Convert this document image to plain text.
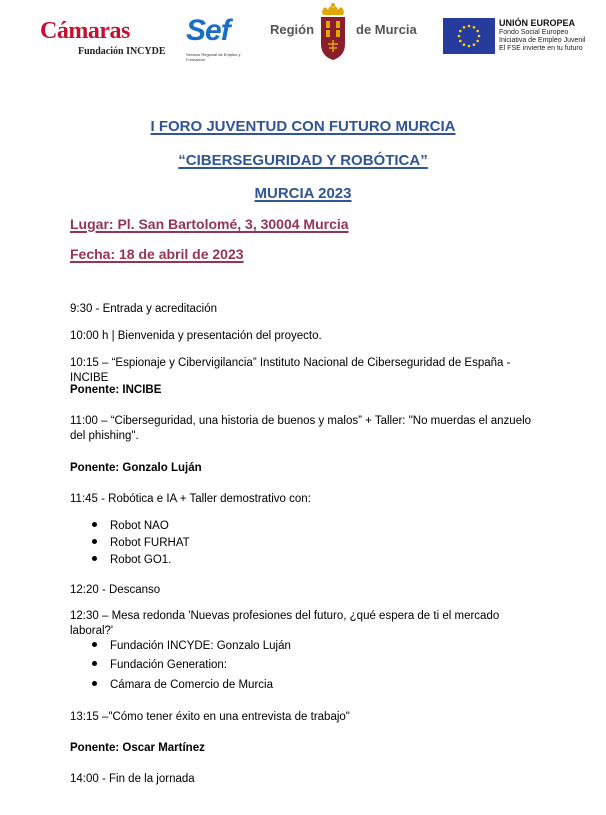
Cámaras
Fundación INCYDE
Sef
Servicio Regional de Empleo y Formación
Región	de Murcia	UNIÓN EUROPEA
Fondo Social Europeo
Iniciativa de Empleo Juvenil
El FSE invierte en tu futuro
I FORO JUVENTUD CON FUTURO MURCIA
“CIBERSEGURIDAD Y ROBÓTICA”
MURCIA 2023
Lugar: Pl. San Bartolomé, 3, 30004 Murcia
Fecha: 18 de abril de 2023
9:30 - Entrada y acreditación
10:00 h | Bienvenida y presentación del proyecto.
10:15 – “Espionaje y Cibervigilancia” Instituto Nacional de Ciberseguridad de España - INCIBE
Ponente: INCIBE
11:00 – “Ciberseguridad, una historia de buenos y malos” + Taller: "No muerdas el anzuelo del phishing".
Ponente: Gonzalo Luján
11:45 - Robótica e IA + Taller demostrativo con:
Robot NAO
Robot FURHAT
Robot GO1.
12:20 - Descanso
12:30 – Mesa redonda 'Nuevas profesiones del futuro, ¿qué espera de ti el mercado laboral?'
Fundación INCYDE: Gonzalo Luján
Fundación Generation:
Cámara de Comercio de Murcia
13:15 –"Cómo tener éxito en una entrevista de trabajo"
Ponente: Oscar Martínez
14:00 - Fin de la jornada
